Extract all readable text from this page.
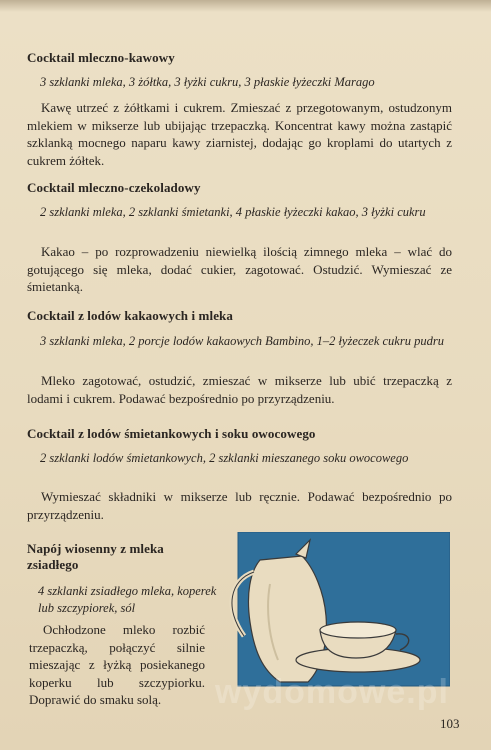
Cocktail mleczno-kawowy
3 szklanki mleka, 3 żółtka, 3 łyżki cukru, 3 płaskie łyżeczki Marago
Kawę utrzeć z żółtkami i cukrem. Zmieszać z przegotowanym, ostudzonym mlekiem w mikserze lub ubijając trzepaczką. Koncentrat kawy można zastąpić szklanką mocnego naparu kawy ziarnistej, dodając go kroplami do utartych z cukrem żółtek.
Cocktail mleczno-czekoladowy
2 szklanki mleka, 2 szklanki śmietanki, 4 płaskie łyżeczki kakao, 3 łyżki cukru
Kakao – po rozprowadzeniu niewielką ilością zimnego mleka – wlać do gotującego się mleka, dodać cukier, zagotować. Ostudzić. Wymieszać ze śmietanką.
Cocktail z lodów kakaowych i mleka
3 szklanki mleka, 2 porcje lodów kakaowych Bambino, 1–2 łyżeczek cukru pudru
Mleko zagotować, ostudzić, zmieszać w mikserze lub ubić trzepaczką z lodami i cukrem. Podawać bezpośrednio po przyrządzeniu.
Cocktail z lodów śmietankowych i soku owocowego
2 szklanki lodów śmietankowych, 2 szklanki mieszanego soku owocowego
Wymieszać składniki w mikserze lub ręcznie. Podawać bezpośrednio po przyrządzeniu.
Napój wiosenny z mleka
zsiadłego
4 szklanki zsiadłego mleka, koperek lub szczypiorek, sól
Ochłodzone mleko rozbić trzepaczką, połączyć silnie mieszając z łyżką posiekanego koperku lub szczypiorku. Doprawić do smaku solą.	wydomowe.pl
103
